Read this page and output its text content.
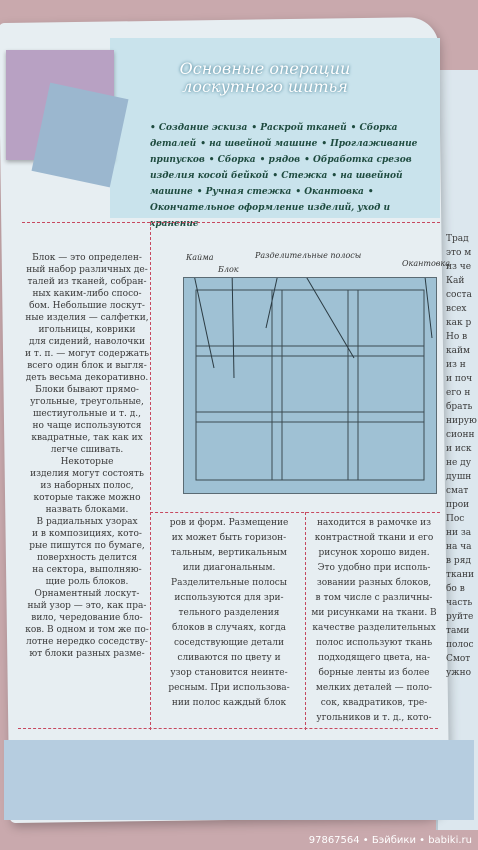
Основные операции
лоскутного шитья
• Создание эскиза • Раскрой тканей • Сборка деталей • на швейной машине • Проглаживание припусков • Сборка • рядов • Обработка срезов изделия косой бейкой • Стежка • на швейной машине • Ручная стежка • Окантовка • Окончательное оформление изделий, уход и хранение
Кайма
Блок
Разделительные полосы
Окантовка
Блок — это определен-
ный набор различных де-
талей из тканей, собран-
ных каким-либо спосо-
бом. Небольшие лоскут-
ные изделия — салфетки,
игольницы, коврики
для сидений, наволочки
и т. п. — могут содержать
всего один блок и выгля-
деть весьма декоративно.
Блоки бывают прямо-
угольные, треугольные,
шестиугольные и т. д.,
но чаще используются
квадратные, так как их
легче сшивать. Некоторые
изделия могут состоять
из наборных полос,
которые также можно
назвать блоками.
В радиальных узорах
и в композициях, кото-
рые пишутся по бумаге,
поверхность делится
на сектора, выполняю-
щие роль блоков.
Орнаментный лоскут-
ный узор — это, как пра-
вило, чередование бло-
ков. В одном и том же по-
лотне нередко соседству-
ют блоки разных разме-
ров и форм. Размещение
их может быть горизон-
тальным, вертикальным
или диагональным.
Разделительные полосы
используются для зри-
тельного разделения
блоков в случаях, когда
соседствующие детали
сливаются по цвету и
узор становится неинте-
ресным. При использова-
нии полос каждый блок
находится в рамочке из
контрастной ткани и его
рисунок хорошо виден.
Это удобно при исполь-
зовании разных блоков,
в том числе с различны-
ми рисунками на ткани. В
качестве разделительных
полос используют ткань
подходящего цвета, на-
борные ленты из более
мелких деталей — поло-
сок, квадратиков, тре-
угольников и т. д., кото-
Трад
это м
из че
Кай
соста
всех
как р
Но в
кайм
из н
и поч
его н
брать
нирую
сионн
и иск
не ду
душн
смат
прои
Пос
ни за
на ча
в ряд
ткани
бо в
часть
руйте
тами
полос
Смот
ужно
97867564 • Бэйбики • babiki.ru
